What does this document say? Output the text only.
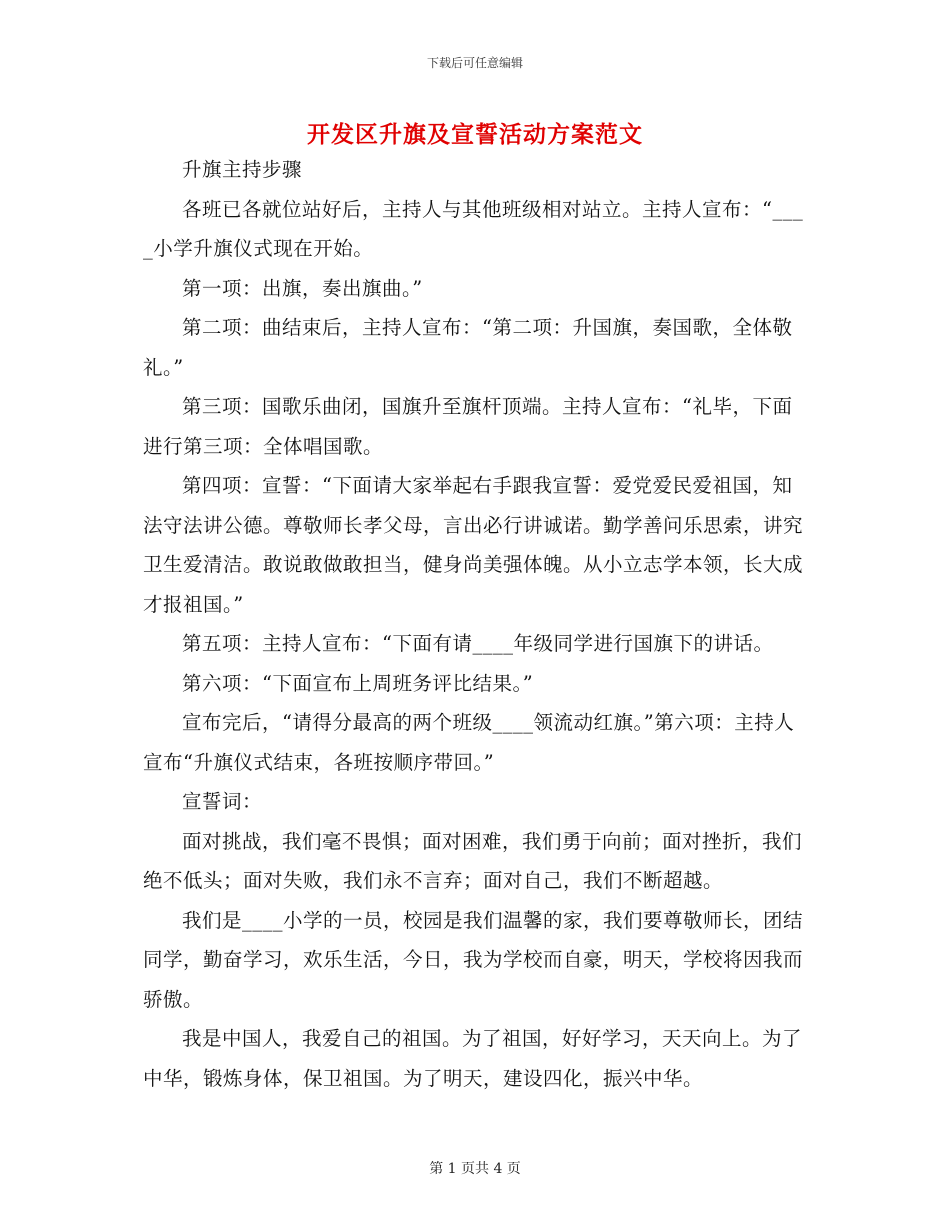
下载后可任意编辑
开发区升旗及宣誓活动方案范文

升旗主持步骤

各班已各就位站好后，主持人与其他班级相对站立。主持人宣布：“____小学升旗仪式现在开始。

第一项：出旗，奏出旗曲。”

第二项：曲结束后，主持人宣布：“第二项：升国旗，奏国歌，全体敬礼。”

第三项：国歌乐曲闭，国旗升至旗杆顶端。主持人宣布：“礼毕，下面进行第三项：全体唱国歌。

第四项：宣誓：“下面请大家举起右手跟我宣誓：爱党爱民爱祖国，知法守法讲公德。尊敬师长孝父母，言出必行讲诚诺。勤学善问乐思索，讲究卫生爱清洁。敢说敢做敢担当，健身尚美强体魄。从小立志学本领，长大成才报祖国。”

第五项：主持人宣布：“下面有请____年级同学进行国旗下的讲话。

第六项：“下面宣布上周班务评比结果。”

宣布完后，“请得分最高的两个班级____领流动红旗。”第六项：主持人宣布“升旗仪式结束，各班按顺序带回。”

宣誓词：

面对挑战，我们毫不畏惧；面对困难，我们勇于向前；面对挫折，我们绝不低头；面对失败，我们永不言弃；面对自己，我们不断超越。

我们是____小学的一员，校园是我们温馨的家，我们要尊敬师长，团结同学，勤奋学习，欢乐生活，今日，我为学校而自豪，明天，学校将因我而骄傲。

我是中国人，我爱自己的祖国。为了祖国，好好学习，天天向上。为了中华，锻炼身体，保卫祖国。为了明天，建设四化，振兴中华。

第 1 页共 4 页
